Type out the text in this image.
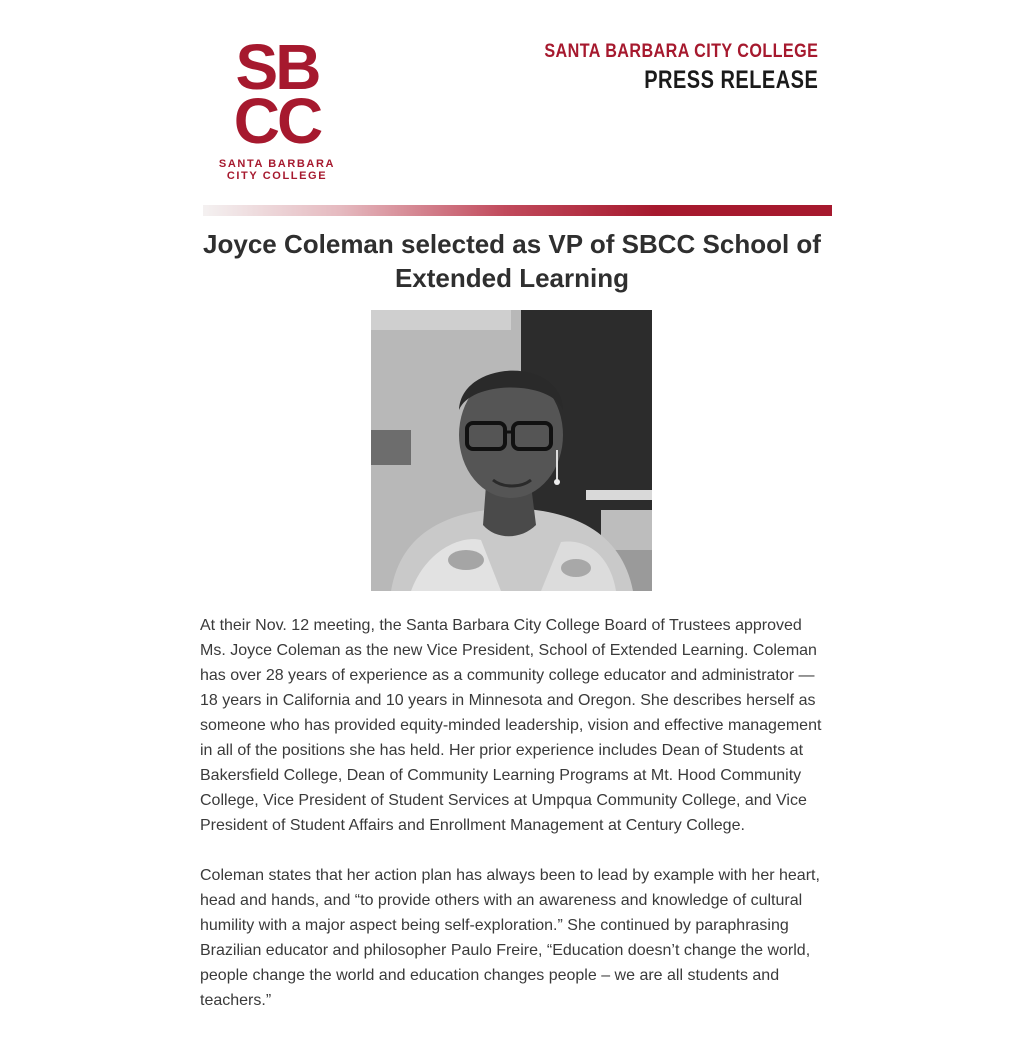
SB
CC
SANTA BARBARA
CITY COLLEGE
SANTA BARBARA CITY COLLEGE
PRESS RELEASE
Joyce Coleman selected as VP of SBCC School of Extended Learning

At their Nov. 12 meeting, the Santa Barbara City College Board of Trustees approved Ms. Joyce Coleman as the new Vice President, School of Extended Learning. Coleman has over 28 years of experience as a community college educator and administrator —18 years in California and 10 years in Minnesota and Oregon. She describes herself as someone who has provided equity-minded leadership, vision and effective management in all of the positions she has held. Her prior experience includes Dean of Students at Bakersfield College, Dean of Community Learning Programs at Mt. Hood Community College, Vice President of Student Services at Umpqua Community College, and Vice President of Student Affairs and Enrollment Management at Century College.

Coleman states that her action plan has always been to lead by example with her heart, head and hands, and “to provide others with an awareness and knowledge of cultural humility with a major aspect being self-exploration.” She continued by paraphrasing Brazilian educator and philosopher Paulo Freire, “Education doesn’t change the world, people change the world and education changes people – we are all students and teachers.”
